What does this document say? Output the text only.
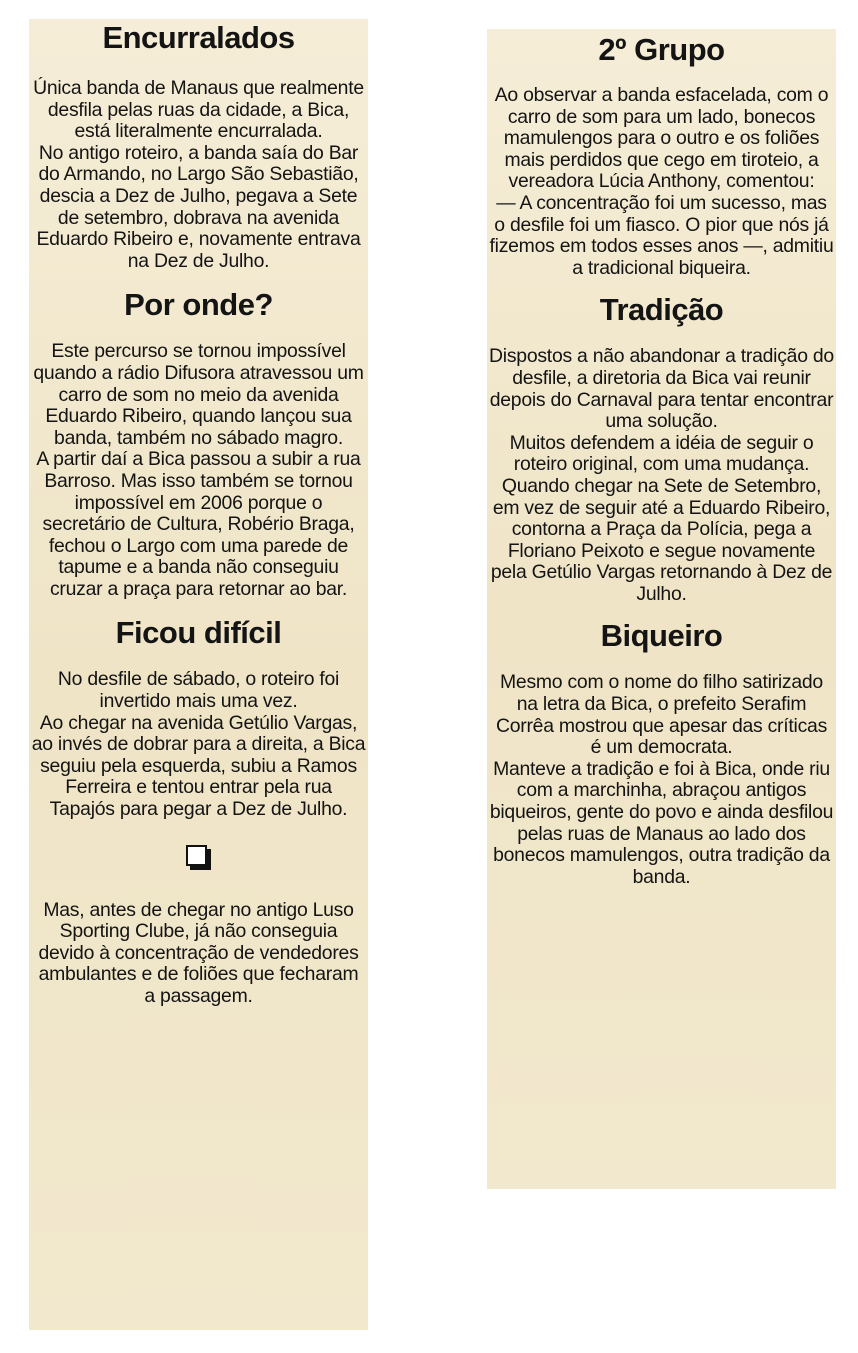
Encurralados

Única banda de Manaus que realmente desfila pelas ruas da cidade, a Bica, está literalmente encurralada.

No antigo roteiro, a banda saía do Bar do Armando, no Largo São Sebastião, descia a Dez de Julho, pegava a Sete de setembro, dobrava na avenida Eduardo Ribeiro e, novamente entrava na Dez de Julho.

Por onde?

Este percurso se tornou impossível quando a rádio Difusora atravessou um carro de som no meio da avenida Eduardo Ribeiro, quando lançou sua banda, também no sábado magro.

A partir daí a Bica passou a subir a rua Barroso. Mas isso também se tornou impossível em 2006 porque o secretário de Cultura, Robério Braga, fechou o Largo com uma parede de tapume e a banda não conseguiu cruzar a praça para retornar ao bar.

Ficou difícil

No desfile de sábado, o roteiro foi invertido mais uma vez.

Ao chegar na avenida Getúlio Vargas, ao invés de dobrar para a direita, a Bica seguiu pela esquerda, subiu a Ramos Ferreira e tentou entrar pela rua Tapajós para pegar a Dez de Julho.

Mas, antes de chegar no antigo Luso Sporting Clube, já não conseguia devido à concentração de vendedores ambulantes e de foliões que fecharam a passagem.

2º Grupo

Ao observar a banda esfacelada, com o carro de som para um lado, bonecos mamulengos para o outro e os foliões mais perdidos que cego em tiroteio, a vereadora Lúcia Anthony, comentou:

— A concentração foi um sucesso, mas o desfile foi um fiasco. O pior que nós já fizemos em todos esses anos —, admitiu a tradicional biqueira.

Tradição

Dispostos a não abandonar a tradição do desfile, a diretoria da Bica vai reunir depois do Carnaval para tentar encontrar uma solução.

Muitos defendem a idéia de seguir o roteiro original, com uma mudança. Quando chegar na Sete de Setembro, em vez de seguir até a Eduardo Ribeiro, contorna a Praça da Polícia, pega a Floriano Peixoto e segue novamente pela Getúlio Vargas retornando à Dez de Julho.

Biqueiro

Mesmo com o nome do filho satirizado na letra da Bica, o prefeito Serafim Corrêa mostrou que apesar das críticas é um democrata.

Manteve a tradição e foi à Bica, onde riu com a marchinha, abraçou antigos biqueiros, gente do povo e ainda desfilou pelas ruas de Manaus ao lado dos bonecos mamulengos, outra tradição da banda.
